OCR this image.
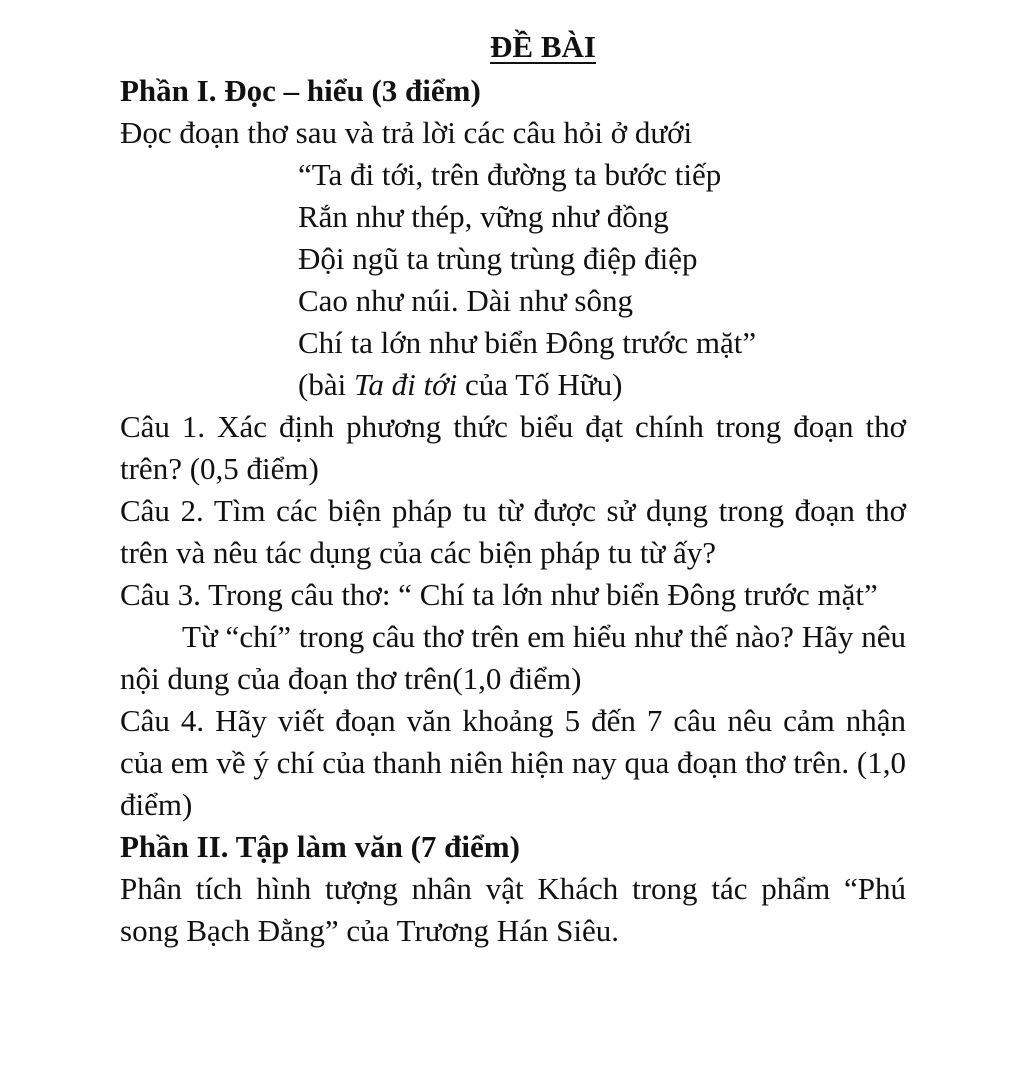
ĐỀ BÀI

Phần I. Đọc – hiểu (3 điểm)

Đọc đoạn thơ sau và trả lời các câu hỏi ở dưới

“Ta đi tới, trên đường ta bước tiếp
Rắn như thép, vững như đồng
Đội ngũ ta trùng trùng điệp điệp
Cao như núi. Dài như sông
Chí ta lớn như biển Đông trước mặt”
(bài Ta đi tới của Tố Hữu)

Câu 1. Xác định phương thức biểu đạt chính trong đoạn thơ trên? (0,5 điểm)

Câu 2. Tìm các biện pháp tu từ được sử dụng trong đoạn thơ trên và nêu tác dụng của các biện pháp tu từ ấy?

Câu 3. Trong câu thơ: “ Chí ta lớn như biển Đông trước mặt”

Từ “chí” trong câu thơ trên em hiểu như thế nào? Hãy nêu nội dung của đoạn thơ trên(1,0 điểm)

Câu 4. Hãy viết đoạn văn khoảng 5 đến 7 câu nêu cảm nhận của em về ý chí của thanh niên hiện nay qua đoạn thơ trên. (1,0 điểm)

Phần II. Tập làm văn (7 điểm)

Phân tích hình tượng nhân vật Khách trong tác phẩm “Phú song Bạch Đằng” của Trương Hán Siêu.
